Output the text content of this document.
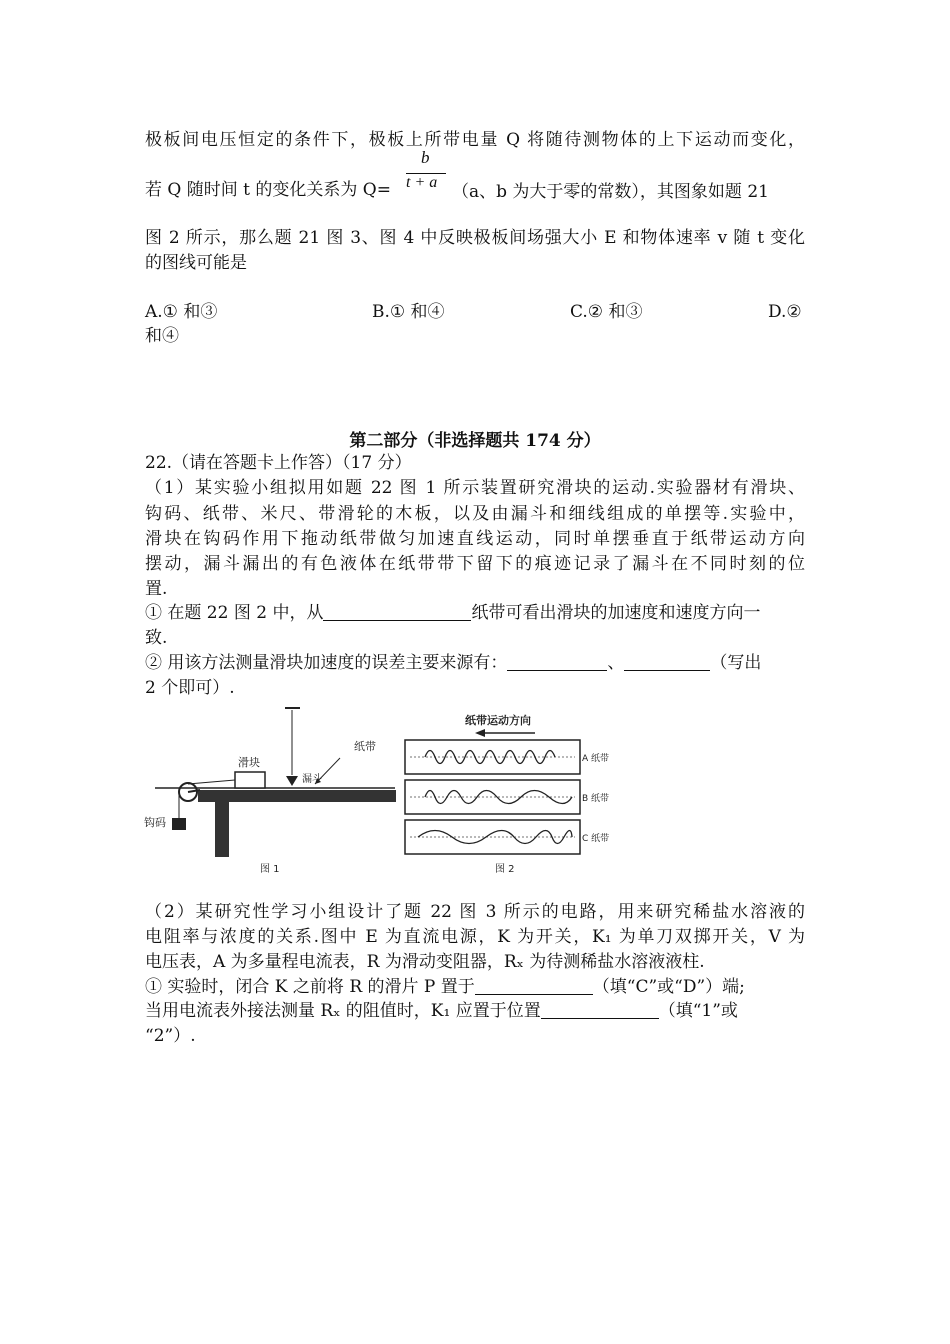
极板间电压恒定的条件下，极板上所带电量 Q 将随待测物体的上下运动而变化，
b
若 Q 随时间 t 的变化关系为 Q= t + a （a、b 为大于零的常数），其图象如题 21
图 2 所示，那么题 21 图 3、图 4 中反映极板间场强大小 E 和物体速率 v 随 t 变化
的图线可能是
A.① 和③	B.① 和④	C.② 和③	D.②
和④
第二部分（非选择题共 174 分）
22.（请在答题卡上作答）（17 分）
（1）某实验小组拟用如题 22 图 1 所示装置研究滑块的运动.实验器材有滑块、
钩码、纸带、米尺、带滑轮的木板，以及由漏斗和细线组成的单摆等.实验中，
滑块在钩码作用下拖动纸带做匀加速直线运动，同时单摆垂直于纸带运动方向
摆动，漏斗漏出的有色液体在纸带带下留下的痕迹记录了漏斗在不同时刻的位
置.
① 在题 22 图 2 中，从	纸带可看出滑块的加速度和速度方向一
致.
② 用该方法测量滑块加速度的误差主要来源有：	、	（写出
2 个即可）.
滑块
纸带
漏斗
钩码
图 1
纸带运动方向
A 纸带
B 纸带
C 纸带
图 2
（2）某研究性学习小组设计了题 22 图 3 所示的电路，用来研究稀盐水溶液的
电阻率与浓度的关系.图中 E 为直流电源，K 为开关，K₁ 为单刀双掷开关，V 为
电压表，A 为多量程电流表，R 为滑动变阻器，Rₓ 为待测稀盐水溶液液柱.
① 实验时，闭合 K 之前将 R 的滑片 P 置于	（填“C”或“D”）端;
当用电流表外接法测量 Rₓ 的阻值时，K₁ 应置于位置	（填“1”或
“2”）.
